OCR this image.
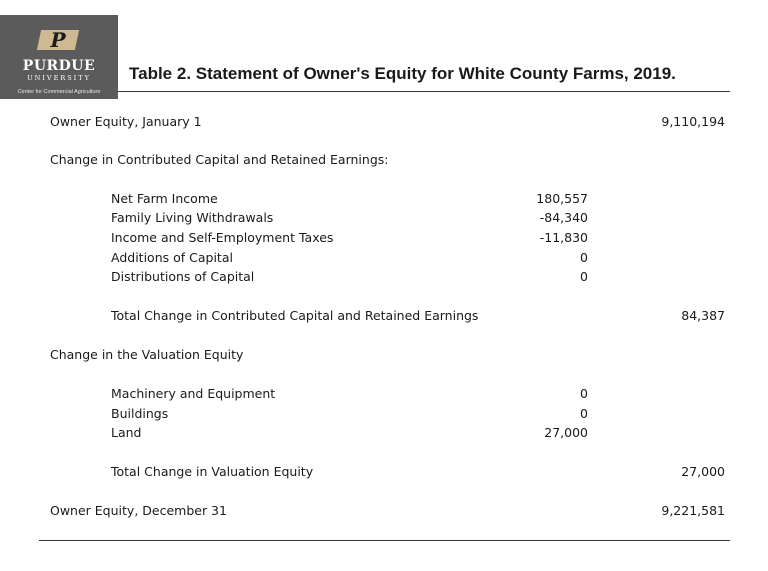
P
PURDUE
UNIVERSITY
Center for Commercial Agriculture
Table 2. Statement of Owner's Equity for White County Farms, 2019.
Owner Equity, January 1	9,110,194
Change in Contributed Capital and Retained Earnings:
Net Farm Income	180,557
Family Living Withdrawals	-84,340
Income and Self-Employment Taxes	-11,830
Additions of Capital	0
Distributions of Capital	0
Total Change in Contributed Capital and Retained Earnings	84,387
Change in the Valuation Equity
Machinery and Equipment	0
Buildings	0
Land	27,000
Total Change in Valuation Equity	27,000
Owner Equity, December 31	9,221,581
